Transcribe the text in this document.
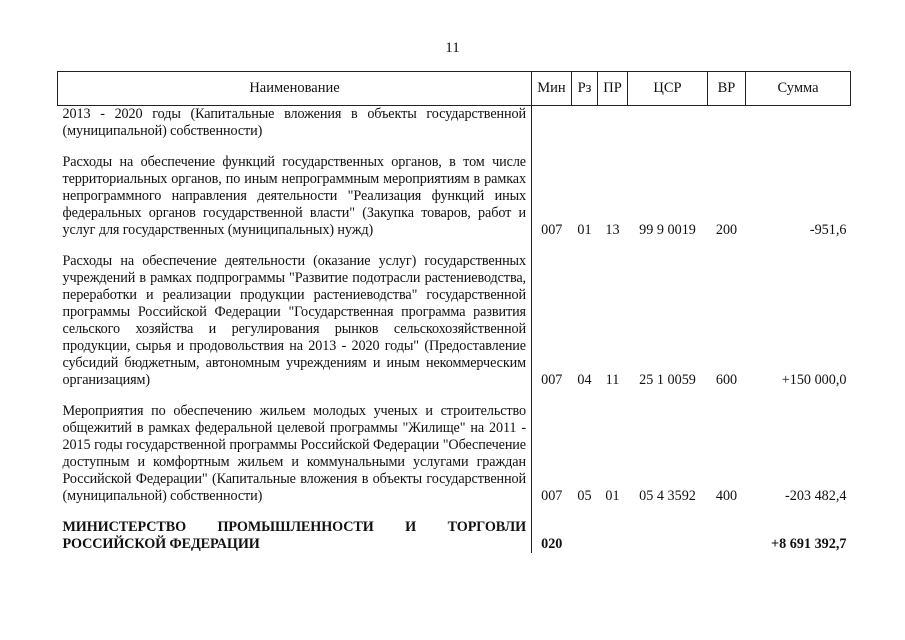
11
Наименование	Мин	Рз	ПР	ЦСР	ВР	Сумма
2013 - 2020 годы (Капитальные вложения в объекты государственной (муниципальной) собственности)						

Расходы на обеспечение функций государственных органов, в том числе территориальных органов, по иным непрограммным мероприятиям в рамках непрограммного направления деятельности "Реализация функций иных федеральных органов государственной власти" (Закупка товаров, работ и услуг для государственных (муниципальных) нужд)	007	01	13	99 9 0019	200	-951,6

Расходы на обеспечение деятельности (оказание услуг) государственных учреждений в рамках подпрограммы "Развитие подотрасли растениеводства, переработки и реализации продукции растениеводства" государственной программы Российской Федерации "Государственная программа развития сельского хозяйства и регулирования рынков сельскохозяйственной продукции, сырья и продовольствия на 2013 - 2020 годы" (Предоставление субсидий бюджетным, автономным учреждениям и иным некоммерческим организациям)	007	04	11	25 1 0059	600	+150 000,0

Мероприятия по обеспечению жильем молодых ученых и строительство общежитий в рамках федеральной целевой программы "Жилище" на 2011 - 2015 годы государственной программы Российской Федерации "Обеспечение доступным и комфортным жильем и коммунальными услугами граждан Российской Федерации" (Капитальные вложения в объекты государственной (муниципальной) собственности)	007	05	01	05 4 3592	400	-203 482,4

МИНИСТЕРСТВО ПРОМЫШЛЕННОСТИ И ТОРГОВЛИ РОССИЙСКОЙ ФЕДЕРАЦИИ	020					+8 691 392,7
